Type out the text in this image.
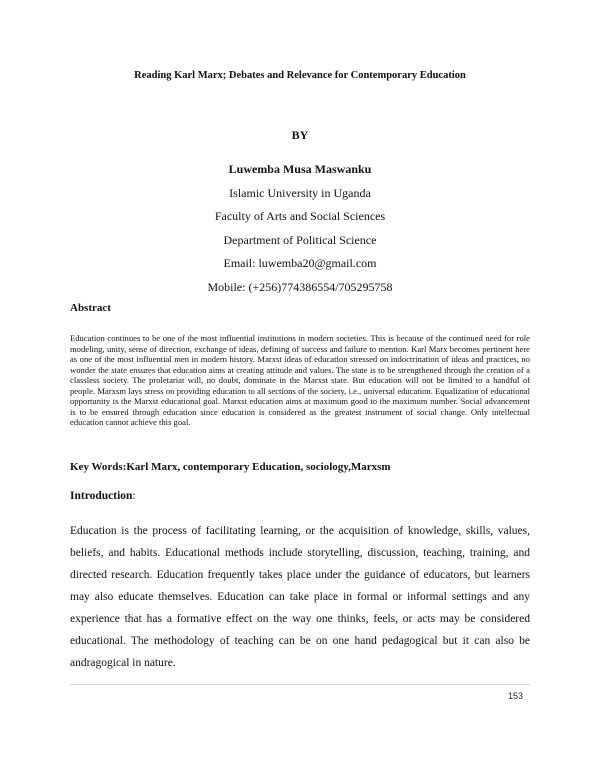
Reading Karl Marx; Debates and Relevance for Contemporary Education
BY
Luwemba Musa Maswanku
Islamic University in Uganda
Faculty of Arts and Social Sciences
Department of Political Science
Email: luwemba20@gmail.com
Mobile: (+256)774386554/705295758
Abstract
Education continues to be one of the most influential institutions in modern societies. This is because of the continued need for role modeling, unity, sense of direction, exchange of ideas, defining of success and failure to mention. Karl Marx becomes pertinent here as one of the most influential men in modern history. Marxst ideas of education stressed on indoctrination of ideas and practices, no wonder the state ensures that education aims at creating attitude and values. The state is to be strengthened through the creation of a classless society. The proletariat will, no doubt, dominate in the Marxst state. But education will not be limited to a handful of people. Marxsm lays stress on providing education to all sections of the society, i.e., universal education. Equalization of educational opportunity is the Marxst educational goal. Marxst education aims at maximum good to the maximum number. Social advancement is to be ensured through education since education is considered as the greatest instrument of social change. Only intellectual education cannot achieve this goal.
Key Words:Karl Marx, contemporary Education, sociology,Marxsm
Introduction:
Education is the process of facilitating learning, or the acquisition of knowledge, skills, values, beliefs, and habits. Educational methods include storytelling, discussion, teaching, training, and directed research. Education frequently takes place under the guidance of educators, but learners may also educate themselves. Education can take place in formal or informal settings and any experience that has a formative effect on the way one thinks, feels, or acts may be considered educational. The methodology of teaching can be on one hand pedagogical but it can also be andragogical in nature.
153
